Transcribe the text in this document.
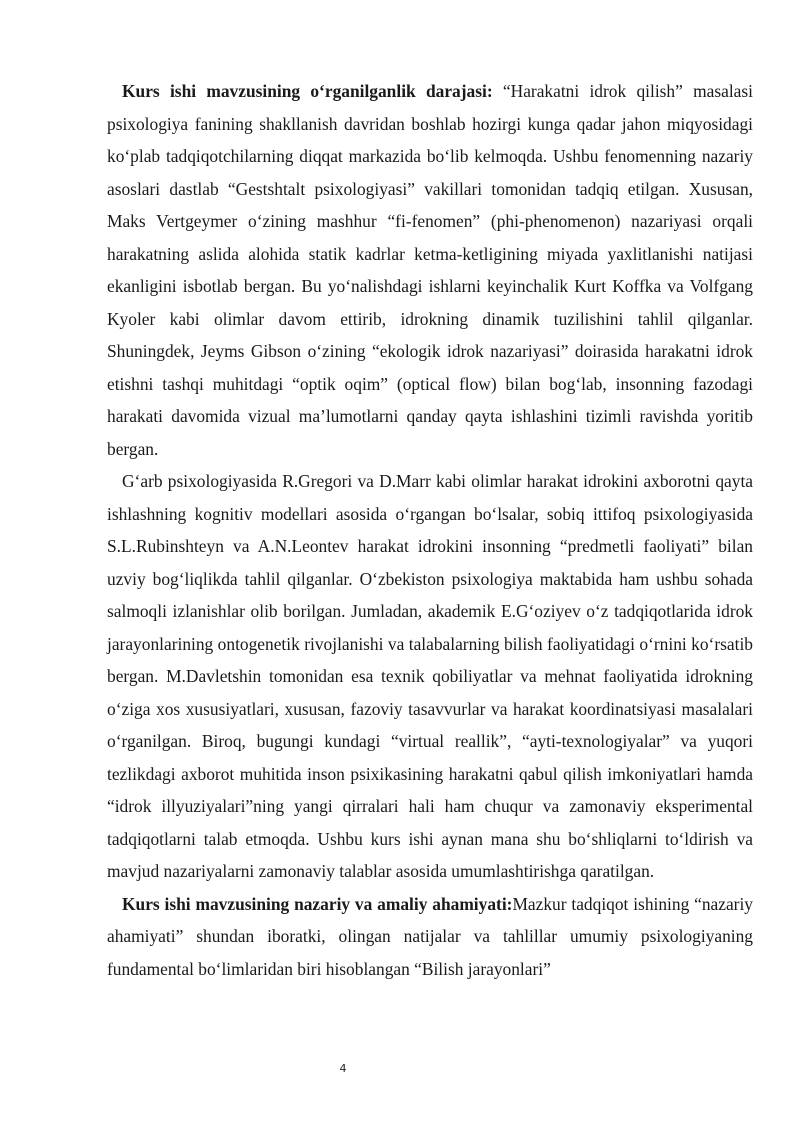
Kurs ishi mavzusining o‘rganilganlik darajasi: “Harakatni idrok qilish” masalasi psixologiya fanining shakllanish davridan boshlab hozirgi kunga qadar jahon miqyosidagi ko‘plab tadqiqotchilarning diqqat markazida bo‘lib kelmoqda. Ushbu fenomenning nazariy asoslari dastlab “Gestshtalt psixologiyasi” vakillari tomonidan tadqiq etilgan. Xususan, Maks Vertgeymer o‘zining mashhur “fi-fenomen” (phi-phenomenon) nazariyasi orqali harakatning aslida alohida statik kadrlar ketma-ketligining miyada yaxlitlanishi natijasi ekanligini isbotlab bergan. Bu yo‘nalishdagi ishlarni keyinchalik Kurt Koffka va Volfgang Kyoler kabi olimlar davom ettirib, idrokning dinamik tuzilishini tahlil qilganlar. Shuningdek, Jeyms Gibson o‘zining “ekologik idrok nazariyasi” doirasida harakatni idrok etishni tashqi muhitdagi “optik oqim” (optical flow) bilan bog‘lab, insonning fazodagi harakati davomida vizual ma’lumotlarni qanday qayta ishlashini tizimli ravishda yoritib bergan.

G‘arb psixologiyasida R.Gregori va D.Marr kabi olimlar harakat idrokini axborotni qayta ishlashning kognitiv modellari asosida o‘rgangan bo‘lsalar, sobiq ittifoq psixologiyasida S.L.Rubinshteyn va A.N.Leontev harakat idrokini insonning “predmetli faoliyati” bilan uzviy bog‘liqlikda tahlil qilganlar. O‘zbekiston psixologiya maktabida ham ushbu sohada salmoqli izlanishlar olib borilgan. Jumladan, akademik E.G‘oziyev o‘z tadqiqotlarida idrok jarayonlarining ontogenetik rivojlanishi va talabalarning bilish faoliyatidagi o‘rnini ko‘rsatib bergan. M.Davletshin tomonidan esa texnik qobiliyatlar va mehnat faoliyatida idrokning o‘ziga xos xususiyatlari, xususan, fazoviy tasavvurlar va harakat koordinatsiyasi masalalari o‘rganilgan. Biroq, bugungi kundagi “virtual reallik”, “ayti-texnologiyalar” va yuqori tezlikdagi axborot muhitida inson psixikasining harakatni qabul qilish imkoniyatlari hamda “idrok illyuziyalari”ning yangi qirralari hali ham chuqur va zamonaviy eksperimental tadqiqotlarni talab etmoqda. Ushbu kurs ishi aynan mana shu bo‘shliqlarni to‘ldirish va mavjud nazariyalarni zamonaviy talablar asosida umumlashtirishga qaratilgan.

Kurs ishi mavzusining nazariy va amaliy ahamiyati:Mazkur tadqiqot ishining “nazariy ahamiyati” shundan iboratki, olingan natijalar va tahlillar umumiy psixologiyaning fundamental bo‘limlaridan biri hisoblangan “Bilish jarayonlari”

4
